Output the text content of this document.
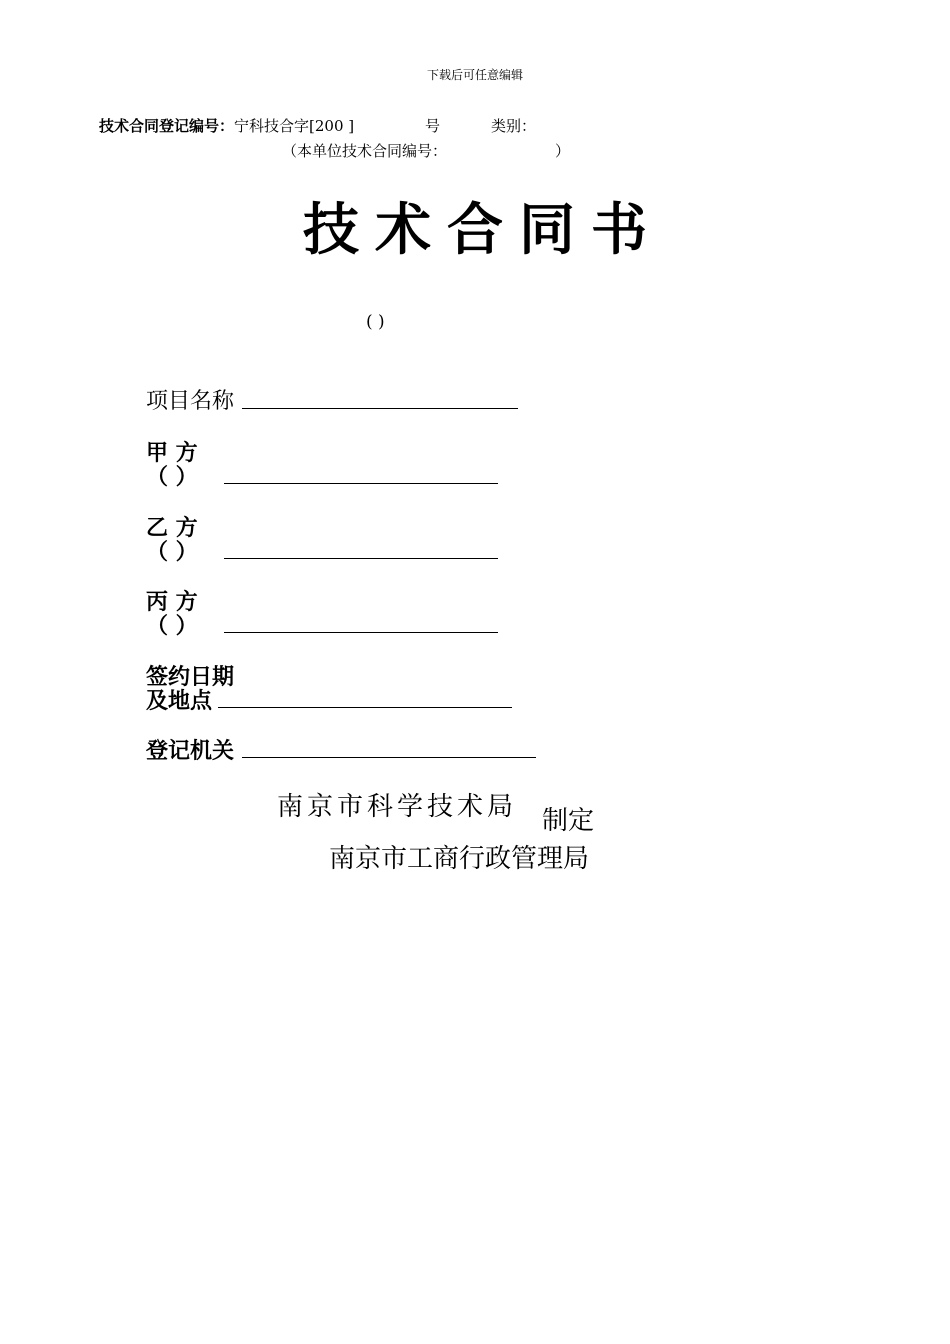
下载后可任意编辑
技术合同登记编号：宁科技合字[200 ]	号	类别：
（本单位技术合同编号：	）
技术合同书
( )
项目名称
甲 方
（ ）
乙 方
（ ）
丙 方
（ ）
签约日期
及地点
登记机关
南京市科学技术局 制定
南京市工商行政管理局
